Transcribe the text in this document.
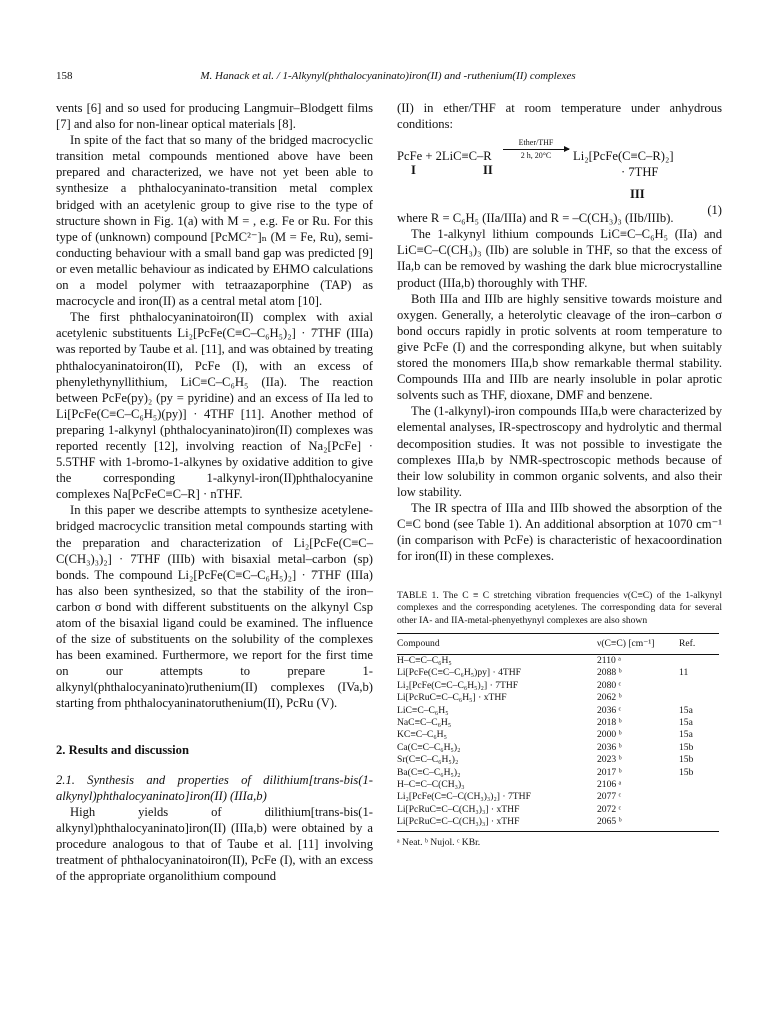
158	M. Hanack et al. / 1-Alkynyl(phthalocyaninato)iron(II) and -ruthenium(II) complexes

vents [6] and so used for producing Langmuir–Blodgett films [7] and also for non-linear optical materials [8].

In spite of the fact that so many of the bridged macrocyclic transition metal compounds mentioned above have been prepared and characterized, we have not yet been able to synthesize a phthalocyaninato-transition metal complex bridged with an acetylenic group to give rise to the type of structure shown in Fig. 1(a) with M = , e.g. Fe or Ru. For this type of (unknown) compound [PcMC²⁻]ₙ (M = Fe, Ru), semi-conducting behaviour with a small band gap was predicted [9] or even metallic behaviour as indicated by EHMO calculations on a model polymer with tetraazaporphine (TAP) as macrocycle and iron(II) as a central metal atom [10].

The first phthalocyaninatoiron(II) complex with axial acetylenic substituents Li₂[PcFe(C≡C–C₆H₅)₂] · 7THF (IIIa) was reported by Taube et al. [11], and was obtained by treating phthalocyaninatoiron(II), PcFe (I), with an excess of phenylethynyllithium, LiC≡C–C₆H₅ (IIa). The reaction between PcFe(py)₂ (py = pyridine) and an excess of IIa led to Li[PcFe(C≡C–C₆H₅)(py)] · 4THF [11]. Another method of preparing 1-alkynyl (phthalocyaninato)iron(II) complexes was reported recently [12], involving reaction of Na₂[PcFe] · 5.5THF with 1-bromo-1-alkynes by oxidative addition to give the corresponding 1-alkynyl-iron(II)phthalocyanine complexes Na[PcFeC≡C–R] · nTHF.

In this paper we describe attempts to synthesize acetylene-bridged macrocyclic transition metal compounds starting with the preparation and characterization of Li₂[PcFe(C≡C–C(CH₃)₃)₂] · 7THF (IIIb) with bisaxial metal–carbon (sp) bonds. The compound Li₂[PcFe(C≡C–C₆H₅)₂] · 7THF (IIIa) has also been synthesized, so that the stability of the iron–carbon σ bond with different substituents on the alkynyl Csp atom of the bisaxial ligand could be examined. The influence of the size of substituents on the solubility of the complexes has been examined. Furthermore, we report for the first time on our attempts to prepare 1-alkynyl(phthalocyaninato)ruthenium(II) complexes (IVa,b) starting from phthalocyaninatoruthenium(II), PcRu (V).

2. Results and discussion

2.1. Synthesis and properties of dilithium[trans-bis(1-alkynyl)phthalocyaninato]iron(II) (IIIa,b)

High yields of dilithium[trans-bis(1-alkynyl)phthalocyaninato]iron(II) (IIIa,b) were obtained by a procedure analogous to that of Taube et al. [11] involving treatment of phthalocyaninatoiron(II), PcFe (I), with an excess of the appropriate organolithium compound

(II) in ether/THF at room temperature under anhydrous conditions:

PcFe + 2LiC≡C–R
Ether/THF
2 h, 20°C	Li₂[PcFe(C≡C–R)₂]
I	II	· 7THF
III
(1)

where R = C₆H₅ (IIa/IIIa) and R = –C(CH₃)₃ (IIb/IIIb).

The 1-alkynyl lithium compounds LiC≡C–C₆H₅ (IIa) and LiC≡C–C(CH₃)₃ (IIb) are soluble in THF, so that the excess of IIa,b can be removed by washing the dark blue microcrystalline product (IIIa,b) thoroughly with THF.

Both IIIa and IIIb are highly sensitive towards moisture and oxygen. Generally, a heterolytic cleavage of the iron–carbon σ bond occurs rapidly in protic solvents at room temperature to give PcFe (I) and the corresponding alkyne, but when suitably stored the monomers IIIa,b show remarkable thermal stability. Compounds IIIa and IIIb are nearly insoluble in polar aprotic solvents such as THF, dioxane, DMF and benzene.

The (1-alkynyl)-iron compounds IIIa,b were characterized by elemental analyses, IR-spectroscopy and hydrolytic and thermal decomposition studies. It was not possible to investigate the complexes IIIa,b by NMR-spectroscopic methods because of their low solubility in common organic solvents, and also their low stability.

The IR spectra of IIIa and IIIb showed the absorption of the C≡C bond (see Table 1). An additional absorption at 1070 cm⁻¹ (in comparison with PcFe) is characteristic of hexacoordination for iron(II) in these complexes.

TABLE 1. The C ≡ C stretching vibration frequencies ν(C≡C) of the 1-alkynyl complexes and the corresponding acetylenes. The corresponding data for several other IA- and IIA-metal-phenyethynyl complexes are also shown
Compound	ν(C≡C) [cm⁻¹]	Ref.
H–C≡C–C₆H₅	2110 ᵃ	
Li[PcFe(C≡C–C₆H₅)py] · 4THF	2088 ᵇ	11
Li₂[PcFe(C≡C–C₆H₅)₂] · 7THF	2080 ᶜ	
Li[PcRuC≡C–C₆H₅] · xTHF	2062 ᵇ	
LiC≡C–C₆H₅	2036 ᶜ	15a
NaC≡C–C₆H₅	2018 ᵇ	15a
KC≡C–C₆H₅	2000 ᵇ	15a
Ca(C≡C–C₆H₅)₂	2036 ᵇ	15b
Sr(C≡C–C₆H₅)₂	2023 ᵇ	15b
Ba(C≡C–C₆H₅)₂	2017 ᵇ	15b
H–C≡C–C(CH₃)₃	2106 ᵃ	
Li₂[PcFe(C≡C–C(CH₃)₃)₂] · 7THF	2077 ᶜ	
Li[PcRuC≡C–C(CH₃)₃] · xTHF	2072 ᶜ	
Li[PcRuC≡C–C(CH₃)₃] · xTHF	2065 ᵇ	
ᵃ Neat. ᵇ Nujol. ᶜ KBr.
